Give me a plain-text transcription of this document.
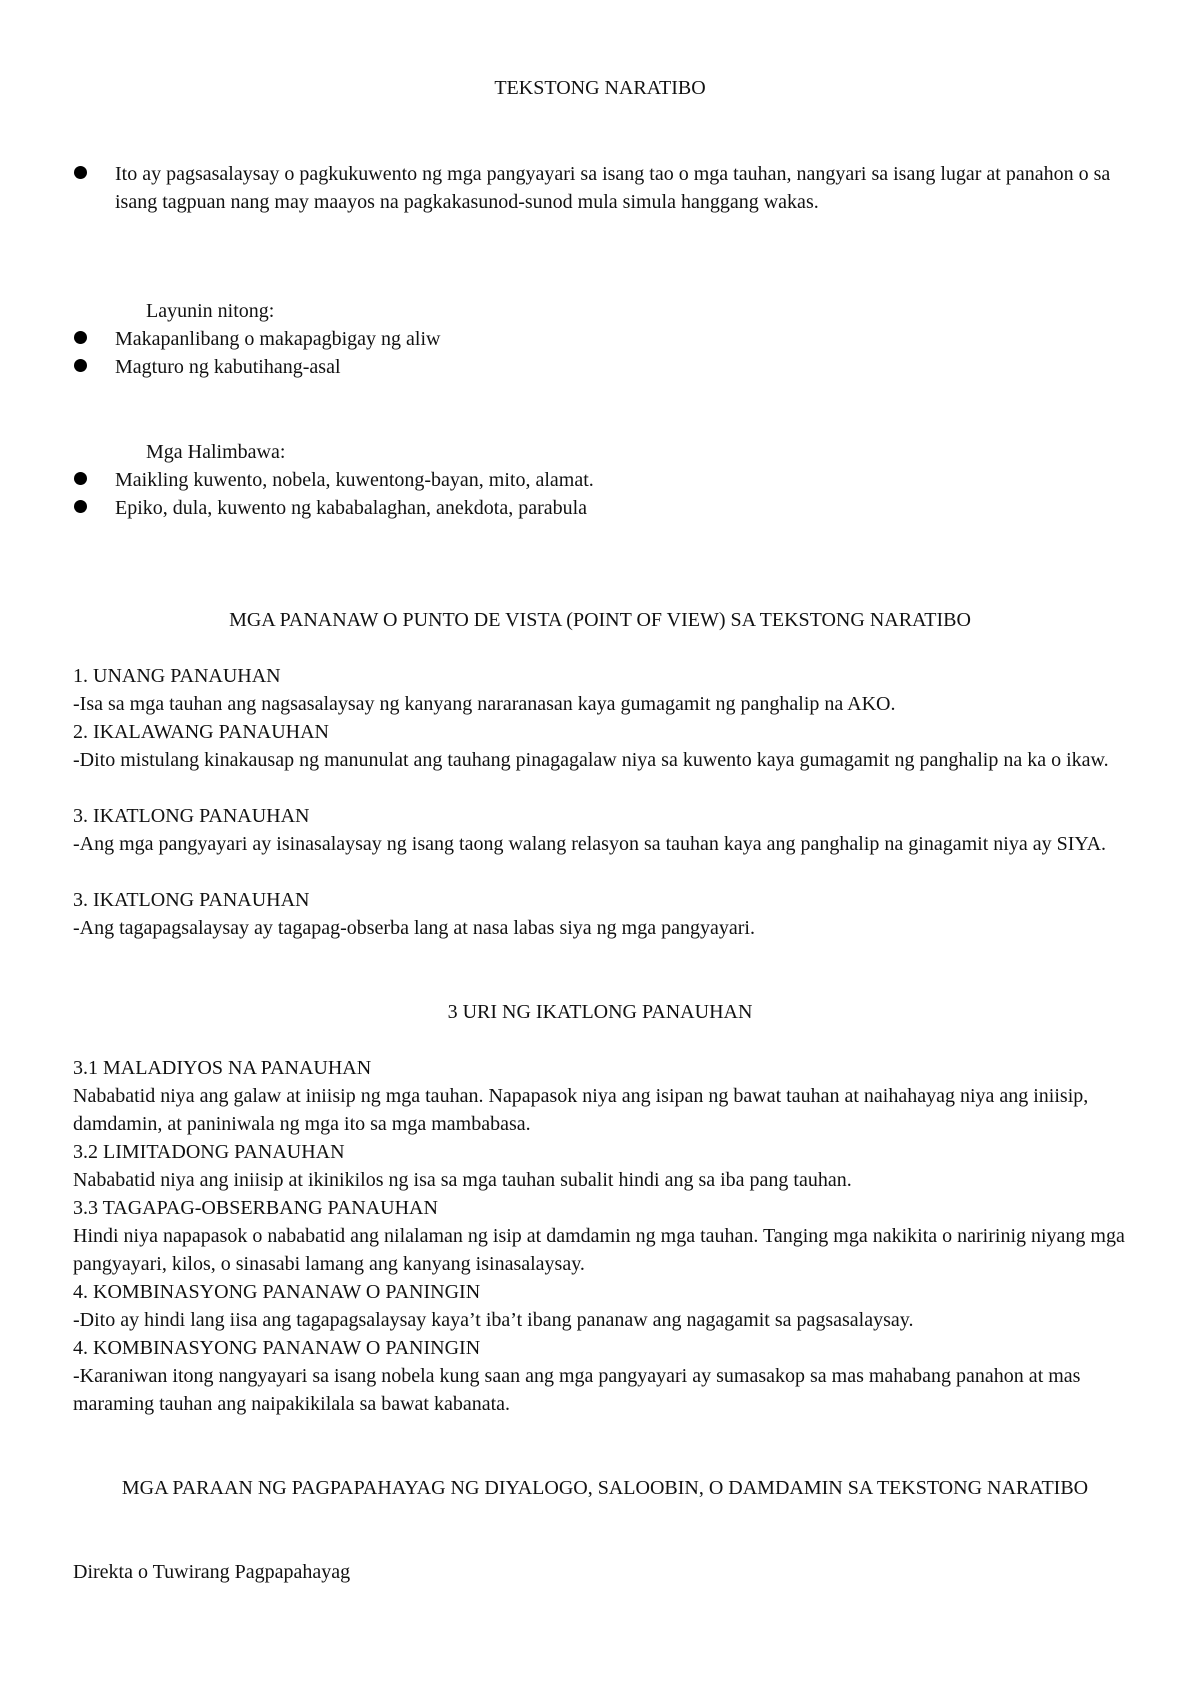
TEKSTONG NARATIBO
Ito ay pagsasalaysay o pagkukuwento ng mga pangyayari sa isang tao o mga tauhan, nangyari sa isang lugar at panahon o sa isang tagpuan nang may maayos na pagkakasunod-sunod mula simula hanggang wakas.
Layunin nitong:
Makapanlibang o makapagbigay ng aliw
Magturo ng kabutihang-asal
Mga Halimbawa:
Maikling kuwento, nobela, kuwentong-bayan, mito, alamat.
Epiko, dula, kuwento ng kababalaghan, anekdota, parabula
MGA PANANAW O PUNTO DE VISTA (POINT OF VIEW) SA TEKSTONG NARATIBO
1. UNANG PANAUHAN
-Isa sa mga tauhan ang nagsasalaysay ng kanyang nararanasan kaya gumagamit ng panghalip na AKO.
2. IKALAWANG PANAUHAN
-Dito mistulang kinakausap ng manunulat ang tauhang pinagagalaw niya sa kuwento kaya gumagamit ng panghalip na ka o ikaw.
3. IKATLONG PANAUHAN
-Ang mga pangyayari ay isinasalaysay ng isang taong walang relasyon sa tauhan kaya ang panghalip na ginagamit niya ay SIYA.
3. IKATLONG PANAUHAN
-Ang tagapagsalaysay ay tagapag-obserba lang at nasa labas siya ng mga pangyayari.
3 URI NG IKATLONG PANAUHAN
3.1 MALADIYOS NA PANAUHAN
Nababatid niya ang galaw at iniisip ng mga tauhan. Napapasok niya ang isipan ng bawat tauhan at naihahayag niya ang iniisip, damdamin, at paniniwala ng mga ito sa mga mambabasa.
3.2 LIMITADONG PANAUHAN
Nababatid niya ang iniisip at ikinikilos ng isa sa mga tauhan subalit hindi ang sa iba pang tauhan.
3.3 TAGAPAG-OBSERBANG PANAUHAN
Hindi niya napapasok o nababatid ang nilalaman ng isip at damdamin ng mga tauhan. Tanging mga nakikita o naririnig niyang mga pangyayari, kilos, o sinasabi lamang ang kanyang isinasalaysay.
4. KOMBINASYONG PANANAW O PANINGIN
-Dito ay hindi lang iisa ang tagapagsalaysay kaya’t iba’t ibang pananaw ang nagagamit sa pagsasalaysay.
4. KOMBINASYONG PANANAW O PANINGIN
-Karaniwan itong nangyayari sa isang nobela kung saan ang mga pangyayari ay sumasakop sa mas mahabang panahon at mas maraming tauhan ang naipakikilala sa bawat kabanata.
MGA PARAAN NG PAGPAPAHAYAG NG DIYALOGO, SALOOBIN, O DAMDAMIN SA TEKSTONG NARATIBO
Direkta o Tuwirang Pagpapahayag
